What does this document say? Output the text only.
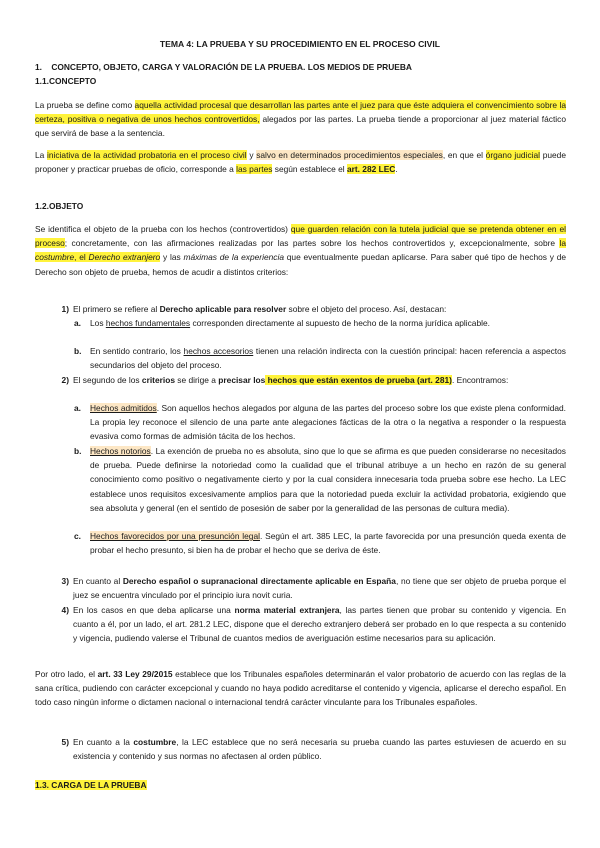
TEMA 4: LA PRUEBA Y SU PROCEDIMIENTO EN EL PROCESO CIVIL
1. CONCEPTO, OBJETO, CARGA Y VALORACIÓN DE LA PRUEBA. LOS MEDIOS DE PRUEBA
1.1.CONCEPTO

La prueba se define como aquella actividad procesal que desarrollan las partes ante el juez para que éste adquiera el convencimiento sobre la certeza, positiva o negativa de unos hechos controvertidos, alegados por las partes. La prueba tiende a proporcionar al juez material fáctico que servirá de base a la sentencia.

La iniciativa de la actividad probatoria en el proceso civil y salvo en determinados procedimientos especiales, en que el órgano judicial puede proponer y practicar pruebas de oficio, corresponde a las partes según establece el art. 282 LEC.

1.2.OBJETO

Se identifica el objeto de la prueba con los hechos (controvertidos) que guarden relación con la tutela judicial que se pretenda obtener en el proceso; concretamente, con las afirmaciones realizadas por las partes sobre los hechos controvertidos y, excepcionalmente, sobre la costumbre, el Derecho extranjero y las máximas de la experiencia que eventualmente puedan aplicarse. Para saber qué tipo de hechos y de Derecho son objeto de prueba, hemos de acudir a distintos criterios:

1) El primero se refiere al Derecho aplicable para resolver sobre el objeto del proceso. Así, destacan:

a.	Los hechos fundamentales corresponden directamente al supuesto de hecho de la norma jurídica aplicable.

b.	En sentido contrario, los hechos accesorios tienen una relación indirecta con la cuestión principal: hacen referencia a aspectos secundarios del objeto del proceso.

2) El segundo de los criterios se dirige a precisar los hechos que están exentos de prueba (art. 281). Encontramos:

a.	Hechos admitidos. Son aquellos hechos alegados por alguna de las partes del proceso sobre los que existe plena conformidad. La propia ley reconoce el silencio de una parte ante alegaciones fácticas de la otra o la negativa a responder o la respuesta evasiva como formas de admisión tácita de los hechos.

b.	Hechos notorios. La exención de prueba no es absoluta, sino que lo que se afirma es que pueden considerarse no necesitados de prueba. Puede definirse la notoriedad como la cualidad que el tribunal atribuye a un hecho en razón de su general conocimiento como positivo o negativamente cierto y por la cual considera innecesaria toda prueba sobre ese hecho. La LEC establece unos requisitos excesivamente amplios para que la notoriedad pueda excluir la actividad probatoria, exigiendo que sea absoluta y general (en el sentido de posesión de saber por la generalidad de las personas de cultura media).

c.	Hechos favorecidos por una presunción legal. Según el art. 385 LEC, la parte favorecida por una presunción queda exenta de probar el hecho presunto, si bien ha de probar el hecho que se deriva de éste.

3) En cuanto al Derecho español o supranacional directamente aplicable en España, no tiene que ser objeto de prueba porque el juez se encuentra vinculado por el principio iura novit curia.

4) En los casos en que deba aplicarse una norma material extranjera, las partes tienen que probar su contenido y vigencia. En cuanto a él, por un lado, el art. 281.2 LEC, dispone que el derecho extranjero deberá ser probado en lo que respecta a su contenido y vigencia, pudiendo valerse el Tribunal de cuantos medios de averiguación estime necesarios para su aplicación.

Por otro lado, el art. 33 Ley 29/2015 establece que los Tribunales españoles determinarán el valor probatorio de acuerdo con las reglas de la sana crítica, pudiendo con carácter excepcional y cuando no haya podido acreditarse el contenido y vigencia, aplicarse el derecho español. En todo caso ningún informe o dictamen nacional o internacional tendrá carácter vinculante para los Tribunales españoles.

5) En cuanto a la costumbre, la LEC establece que no será necesaria su prueba cuando las partes estuviesen de acuerdo en su existencia y contenido y sus normas no afectasen al orden público.

1.3. CARGA DE LA PRUEBA
